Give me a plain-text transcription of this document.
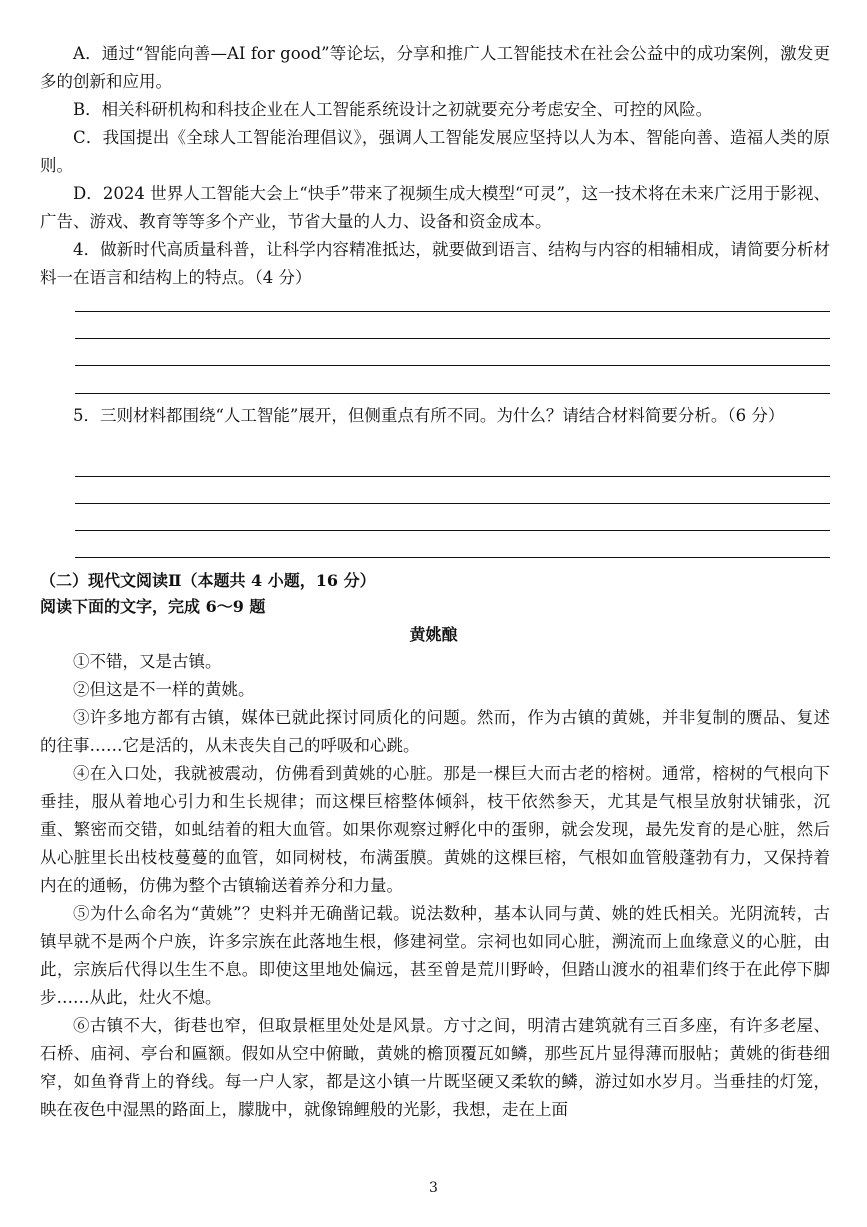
A．通过“智能向善—AI for good”等论坛，分享和推广人工智能技术在社会公益中的成功案例，激发更多的创新和应用。

B．相关科研机构和科技企业在人工智能系统设计之初就要充分考虑安全、可控的风险。

C．我国提出《全球人工智能治理倡议》，强调人工智能发展应坚持以人为本、智能向善、造福人类的原则。

D．2024 世界人工智能大会上“快手”带来了视频生成大模型“可灵”，这一技术将在未来广泛用于影视、广告、游戏、教育等等多个产业，节省大量的人力、设备和资金成本。

4．做新时代高质量科普，让科学内容精准抵达，就要做到语言、结构与内容的相辅相成，请简要分析材料一在语言和结构上的特点。（4 分）

5．三则材料都围绕“人工智能”展开，但侧重点有所不同。为什么？请结合材料简要分析。（6 分）

（二）现代文阅读Ⅱ（本题共 4 小题，16 分）

阅读下面的文字，完成 6～9 题

黄姚酿

①不错，又是古镇。

②但这是不一样的黄姚。

③许多地方都有古镇，媒体已就此探讨同质化的问题。然而，作为古镇的黄姚，并非复制的赝品、复述的往事……它是活的，从未丧失自己的呼吸和心跳。

④在入口处，我就被震动，仿佛看到黄姚的心脏。那是一棵巨大而古老的榕树。通常，榕树的气根向下垂挂，服从着地心引力和生长规律；而这棵巨榕整体倾斜，枝干依然参天，尤其是气根呈放射状铺张，沉重、繁密而交错，如虬结着的粗大血管。如果你观察过孵化中的蛋卵，就会发现，最先发育的是心脏，然后从心脏里长出枝枝蔓蔓的血管，如同树枝，布满蛋膜。黄姚的这棵巨榕，气根如血管般蓬勃有力，又保持着内在的通畅，仿佛为整个古镇输送着养分和力量。

⑤为什么命名为“黄姚”？史料并无确凿记载。说法数种，基本认同与黄、姚的姓氏相关。光阴流转，古镇早就不是两个户族，许多宗族在此落地生根，修建祠堂。宗祠也如同心脏，溯流而上血缘意义的心脏，由此，宗族后代得以生生不息。即使这里地处偏远，甚至曾是荒川野岭，但踏山渡水的祖辈们终于在此停下脚步……从此，灶火不熄。

⑥古镇不大，街巷也窄，但取景框里处处是风景。方寸之间，明清古建筑就有三百多座，有许多老屋、石桥、庙祠、亭台和匾额。假如从空中俯瞰，黄姚的檐顶覆瓦如鳞，那些瓦片显得薄而服帖；黄姚的街巷细窄，如鱼脊背上的脊线。每一户人家，都是这小镇一片既坚硬又柔软的鳞，游过如水岁月。当垂挂的灯笼，映在夜色中湿黑的路面上，朦胧中，就像锦鲤般的光影，我想，走在上面

3
